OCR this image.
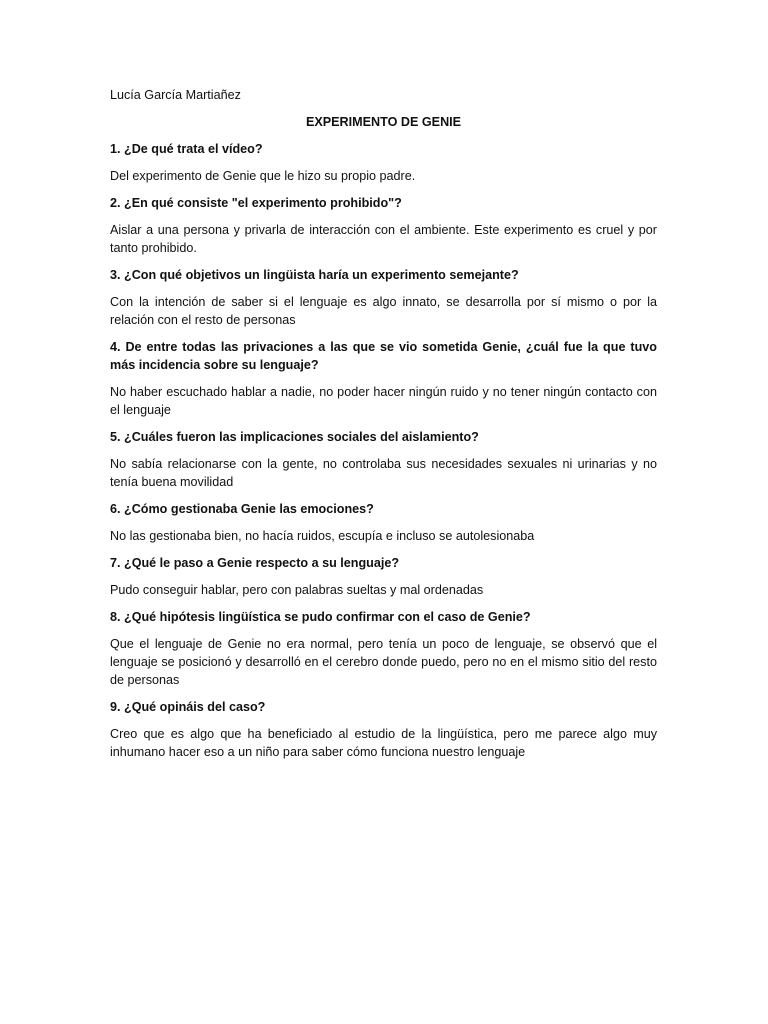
Lucía García Martiañez

EXPERIMENTO DE GENIE

1. ¿De qué trata el vídeo?

Del experimento de Genie que le hizo su propio padre.

2. ¿En qué consiste "el experimento prohibido"?

Aislar a una persona y privarla de interacción con el ambiente. Este experimento es cruel y por tanto prohibido.

3. ¿Con qué objetivos un lingüista haría un experimento semejante?

Con la intención de saber si el lenguaje es algo innato, se desarrolla por sí mismo o por la relación con el resto de personas

4. De entre todas las privaciones a las que se vio sometida Genie, ¿cuál fue la que tuvo más incidencia sobre su lenguaje?

No haber escuchado hablar a nadie, no poder hacer ningún ruido y no tener ningún contacto con el lenguaje

5. ¿Cuáles fueron las implicaciones sociales del aislamiento?

No sabía relacionarse con la gente, no controlaba sus necesidades sexuales ni urinarias y no tenía buena movilidad

6. ¿Cómo gestionaba Genie las emociones?

No las gestionaba bien, no hacía ruidos, escupía e incluso se autolesionaba

7. ¿Qué le paso a Genie respecto a su lenguaje?

Pudo conseguir hablar, pero con palabras sueltas y mal ordenadas

8. ¿Qué hipótesis lingüística se pudo confirmar con el caso de Genie?

Que el lenguaje de Genie no era normal, pero tenía un poco de lenguaje, se observó que el lenguaje se posicionó y desarrolló en el cerebro donde puedo, pero no en el mismo sitio del resto de personas

9. ¿Qué opináis del caso?

Creo que es algo que ha beneficiado al estudio de la lingüística, pero me parece algo muy inhumano hacer eso a un niño para saber cómo funciona nuestro lenguaje
